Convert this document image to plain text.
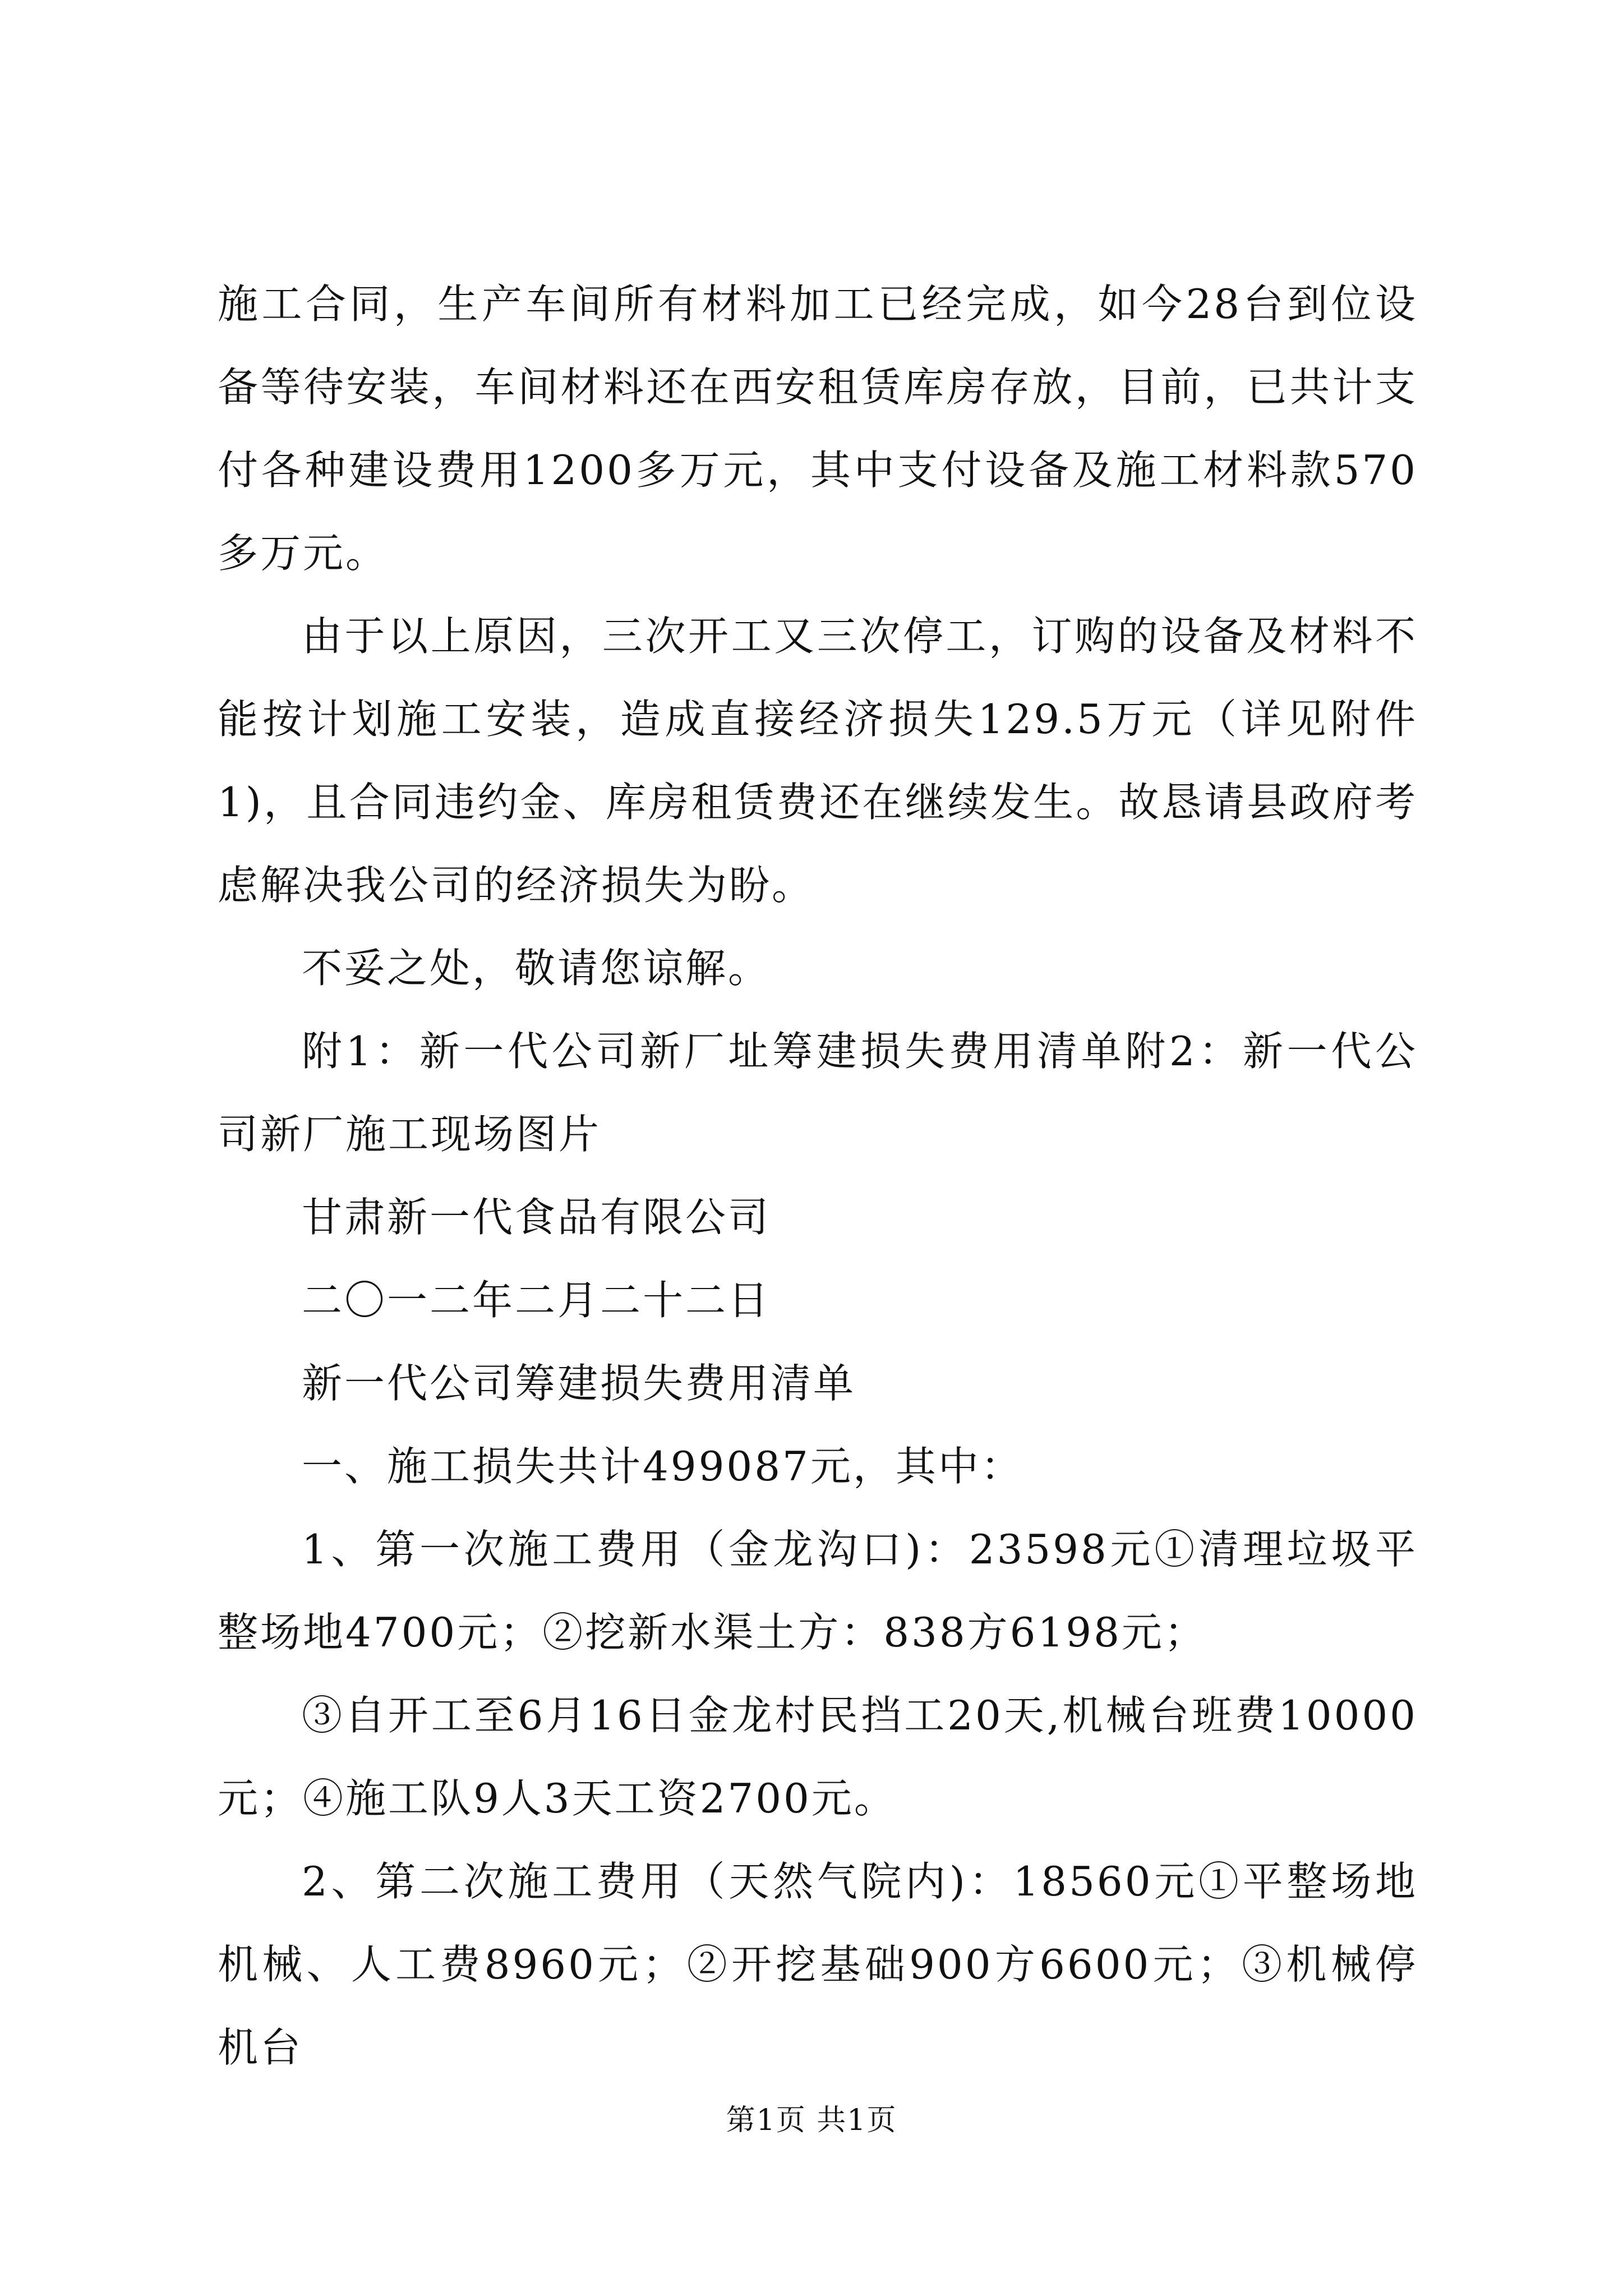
施工合同，生产车间所有材料加工已经完成，如今28台到位设备等待安装，车间材料还在西安租赁库房存放，目前，已共计支付各种建设费用1200多万元，其中支付设备及施工材料款570多万元。

由于以上原因，三次开工又三次停工，订购的设备及材料不能按计划施工安装，造成直接经济损失129.5万元（详见附件1)，且合同违约金、库房租赁费还在继续发生。故恳请县政府考虑解决我公司的经济损失为盼。

不妥之处，敬请您谅解。

附1：新一代公司新厂址筹建损失费用清单附2：新一代公司新厂施工现场图片

甘肃新一代食品有限公司

二〇一二年二月二十二日

新一代公司筹建损失费用清单

一、施工损失共计499087元，其中：

1、第一次施工费用（金龙沟口)：23598元①清理垃圾平整场地4700元；②挖新水渠土方：838方6198元；

③自开工至6月16日金龙村民挡工20天,机械台班费10000元；④施工队9人3天工资2700元。

2、第二次施工费用（天然气院内)：18560元①平整场地机械、人工费8960元；②开挖基础900方6600元；③机械停机台

第1页 共1页
